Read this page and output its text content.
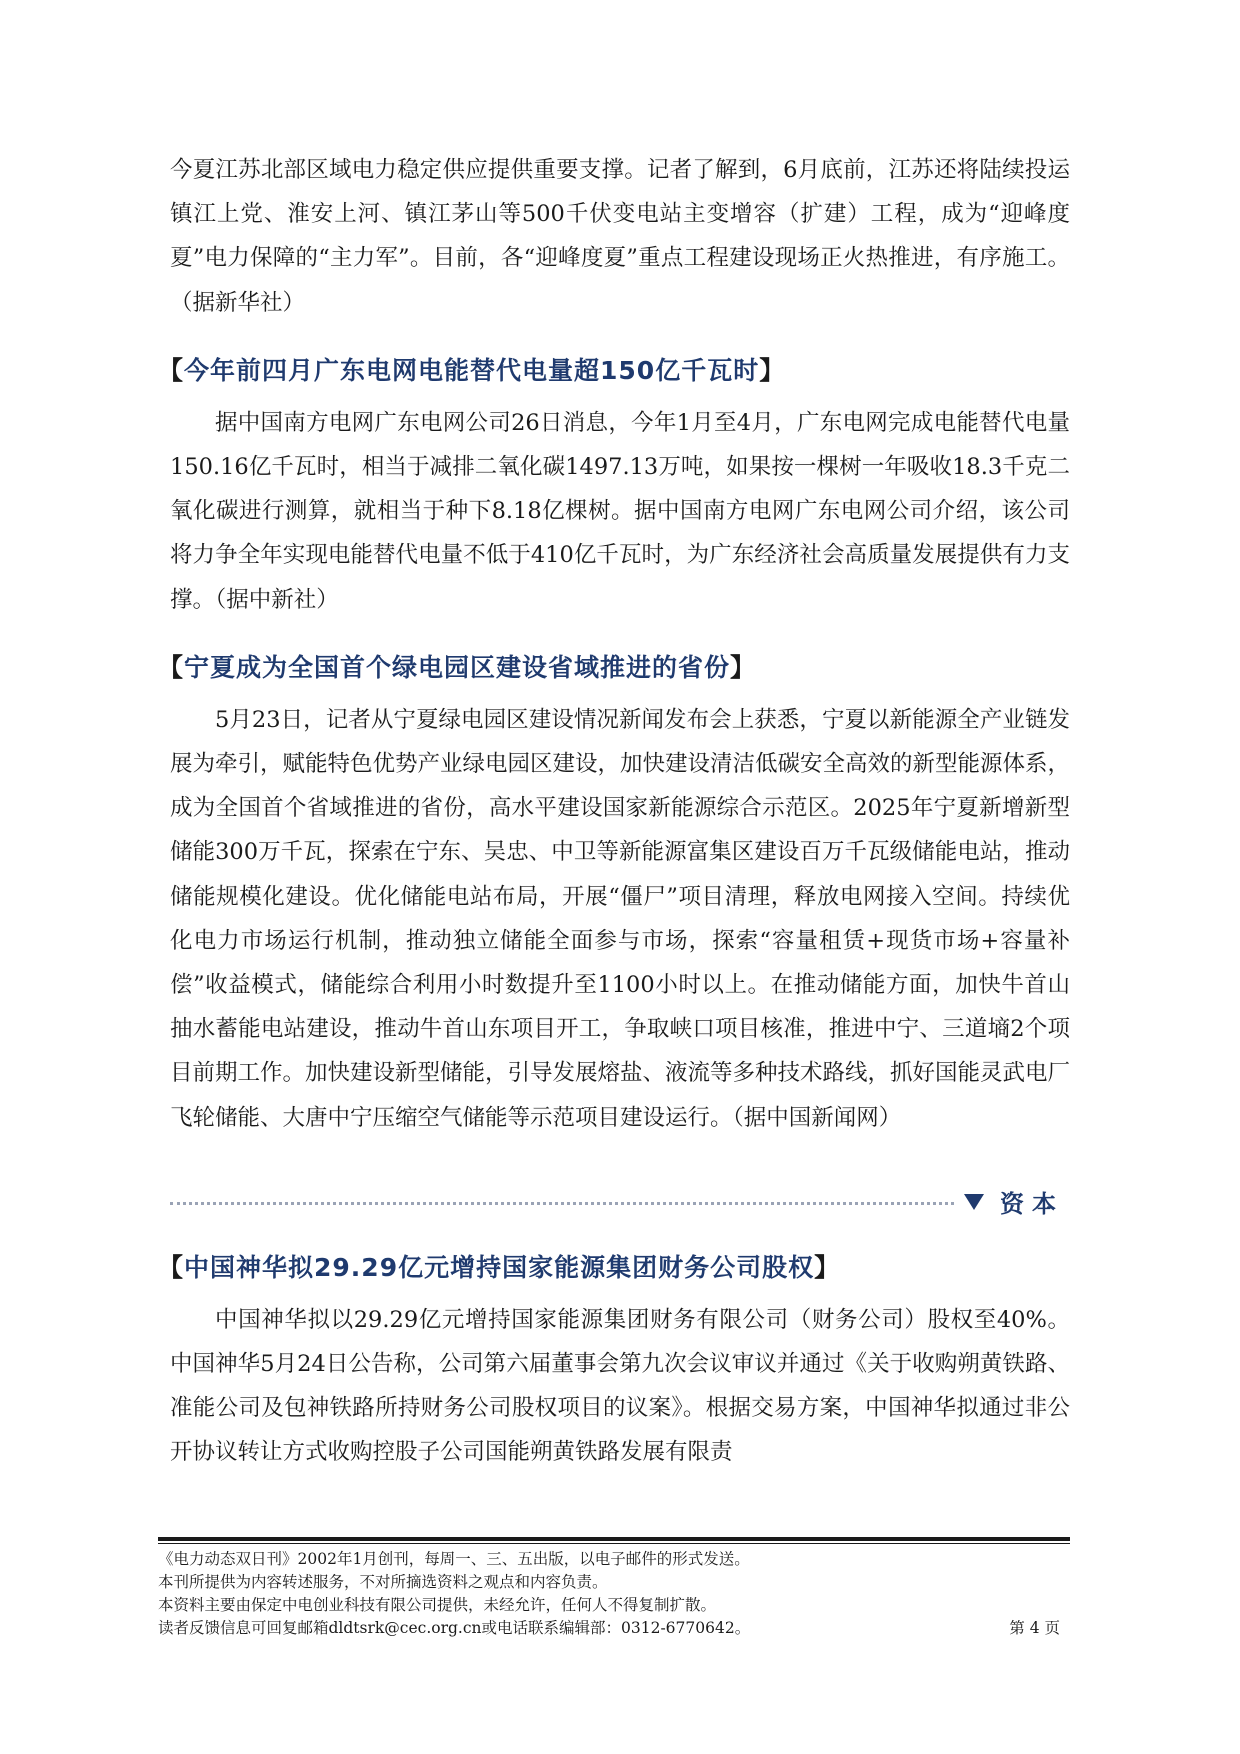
今夏江苏北部区域电力稳定供应提供重要支撑。记者了解到，6月底前，江苏还将陆续投运镇江上党、淮安上河、镇江茅山等500千伏变电站主变增容（扩建）工程，成为“迎峰度夏”电力保障的“主力军”。目前，各“迎峰度夏”重点工程建设现场正火热推进，有序施工。（据新华社）

【今年前四月广东电网电能替代电量超150亿千瓦时】

据中国南方电网广东电网公司26日消息，今年1月至4月，广东电网完成电能替代电量150.16亿千瓦时，相当于减排二氧化碳1497.13万吨，如果按一棵树一年吸收18.3千克二氧化碳进行测算，就相当于种下8.18亿棵树。据中国南方电网广东电网公司介绍，该公司将力争全年实现电能替代电量不低于410亿千瓦时，为广东经济社会高质量发展提供有力支撑。（据中新社）

【宁夏成为全国首个绿电园区建设省域推进的省份】

5月23日，记者从宁夏绿电园区建设情况新闻发布会上获悉，宁夏以新能源全产业链发展为牵引，赋能特色优势产业绿电园区建设，加快建设清洁低碳安全高效的新型能源体系，成为全国首个省域推进的省份，高水平建设国家新能源综合示范区。2025年宁夏新增新型储能300万千瓦，探索在宁东、吴忠、中卫等新能源富集区建设百万千瓦级储能电站，推动储能规模化建设。优化储能电站布局，开展“僵尸”项目清理，释放电网接入空间。持续优化电力市场运行机制，推动独立储能全面参与市场，探索“容量租赁+现货市场+容量补偿”收益模式，储能综合利用小时数提升至1100小时以上。在推动储能方面，加快牛首山抽水蓄能电站建设，推动牛首山东项目开工，争取峡口项目核准，推进中宁、三道墒2个项目前期工作。加快建设新型储能，引导发展熔盐、液流等多种技术路线，抓好国能灵武电厂飞轮储能、大唐中宁压缩空气储能等示范项目建设运行。（据中国新闻网）

资本
【中国神华拟29.29亿元增持国家能源集团财务公司股权】

中国神华拟以29.29亿元增持国家能源集团财务有限公司（财务公司）股权至40%。中国神华5月24日公告称，公司第六届董事会第九次会议审议并通过《关于收购朔黄铁路、准能公司及包神铁路所持财务公司股权项目的议案》。根据交易方案，中国神华拟通过非公开协议转让方式收购控股子公司国能朔黄铁路发展有限责

《电力动态双日刊》2002年1月创刊，每周一、三、五出版，以电子邮件的形式发送。
本刊所提供为内容转述服务，不对所摘选资料之观点和内容负责。
本资料主要由保定中电创业科技有限公司提供，未经允许，任何人不得复制扩散。
读者反馈信息可回复邮箱dldtsrk@cec.org.cn或电话联系编辑部：0312-6770642。	第 4 页
